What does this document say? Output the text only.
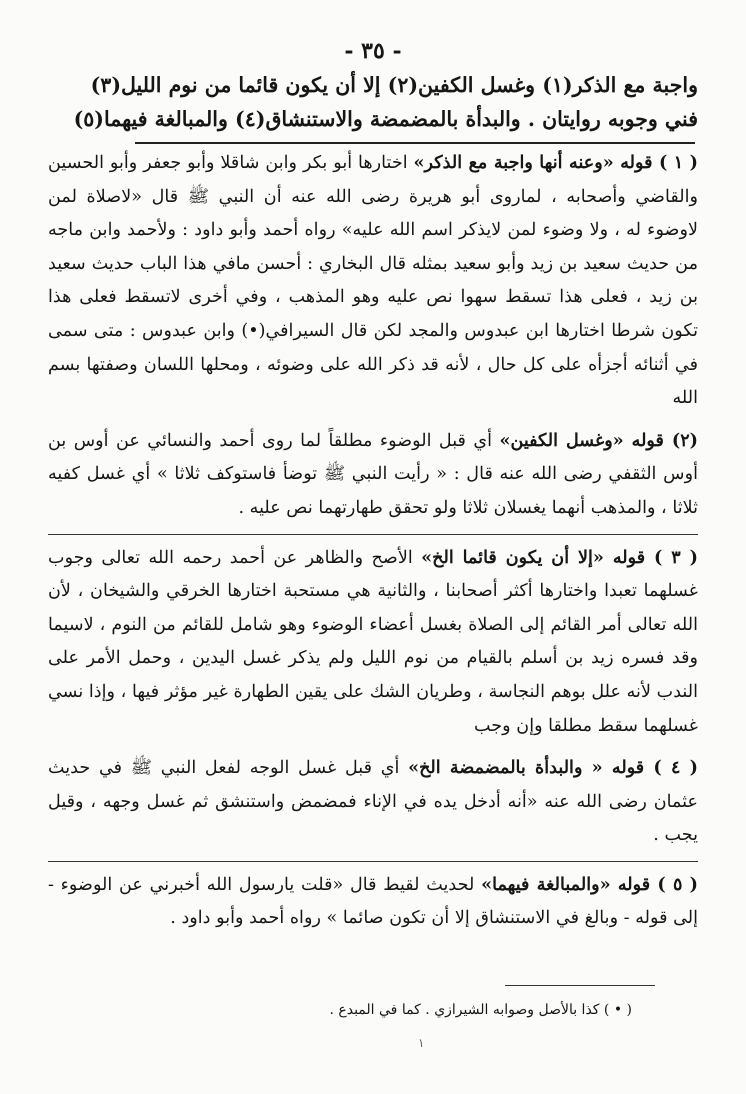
- ٣٥ -
واجبة مع الذكر(١) وغسل الكفين(٢) إلا أن يكون قائما من نوم الليل(٣)
فني وجوبه روايتان . والبدأة بالمضمضة والاستنشاق(٤) والمبالغة فيهما(٥)

( ١ ) قوله «وعنه أنها واجبة مع الذكر» اختارها أبو بكر وابن شاقلا وأبو جعفر وأبو الحسين والقاضي وأصحابه ، لماروى أبو هريرة رضى الله عنه أن النبي ﷺ قال «لاصلاة لمن لاوضوء له ، ولا وضوء لمن لايذكر اسم الله عليه» رواه أحمد وأبو داود : ولأحمد وابن ماجه من حديث سعيد بن زيد وأبو سعيد بمثله قال البخاري : أحسن مافي هذا الباب حديث سعيد بن زيد ، فعلى هذا تسقط سهوا نص عليه وهو المذهب ، وفي أخرى لاتسقط فعلى هذا تكون شرطا اختارها ابن عبدوس والمجد لكن قال السيرافي(•) وابن عبدوس : متى سمى في أثنائه أجزأه على كل حال ، لأنه قد ذكر الله على وضوئه ، ومحلها اللسان وصفتها بسم الله

(٢) قوله «وغسل الكفين» أي قبل الوضوء مطلقاً لما روى أحمد والنسائي عن أوس بن أوس الثقفي رضى الله عنه قال : « رأيت النبي ﷺ توضأ فاستوكف ثلاثا » أي غسل كفيه ثلاثا ، والمذهب أنهما يغسلان ثلاثا ولو تحقق طهارتهما نص عليه .

( ٣ ) قوله «إلا أن يكون قائما الخ» الأصح والظاهر عن أحمد رحمه الله تعالى وجوب غسلهما تعبدا واختارها أكثر أصحابنا ، والثانية هي مستحبة اختارها الخرقي والشيخان ، لأن الله تعالى أمر القائم إلى الصلاة بغسل أعضاء الوضوء وهو شامل للقائم من النوم ، لاسيما وقد فسره زيد بن أسلم بالقيام من نوم الليل ولم يذكر غسل اليدين ، وحمل الأمر على الندب لأنه علل بوهم النجاسة ، وطريان الشك على يقين الطهارة غير مؤثر فيها ، وإذا نسي غسلهما سقط مطلقا وإن وجب

( ٤ ) قوله « والبدأة بالمضمضة الخ» أي قبل غسل الوجه لفعل النبي ﷺ في حديث عثمان رضى الله عنه «أنه أدخل يده في الإناء فمضمض واستنشق ثم غسل وجهه ، وقيل يجب .

( ٥ ) قوله «والمبالغة فيهما» لحديث لقيط قال «قلت يارسول الله أخبرني عن الوضوء - إلى قوله - وبالغ في الاستنشاق إلا أن تكون صائما » رواه أحمد وأبو داود .

( • ) كذا بالأصل وصوابه الشيرازي . كما في المبدع .
١
